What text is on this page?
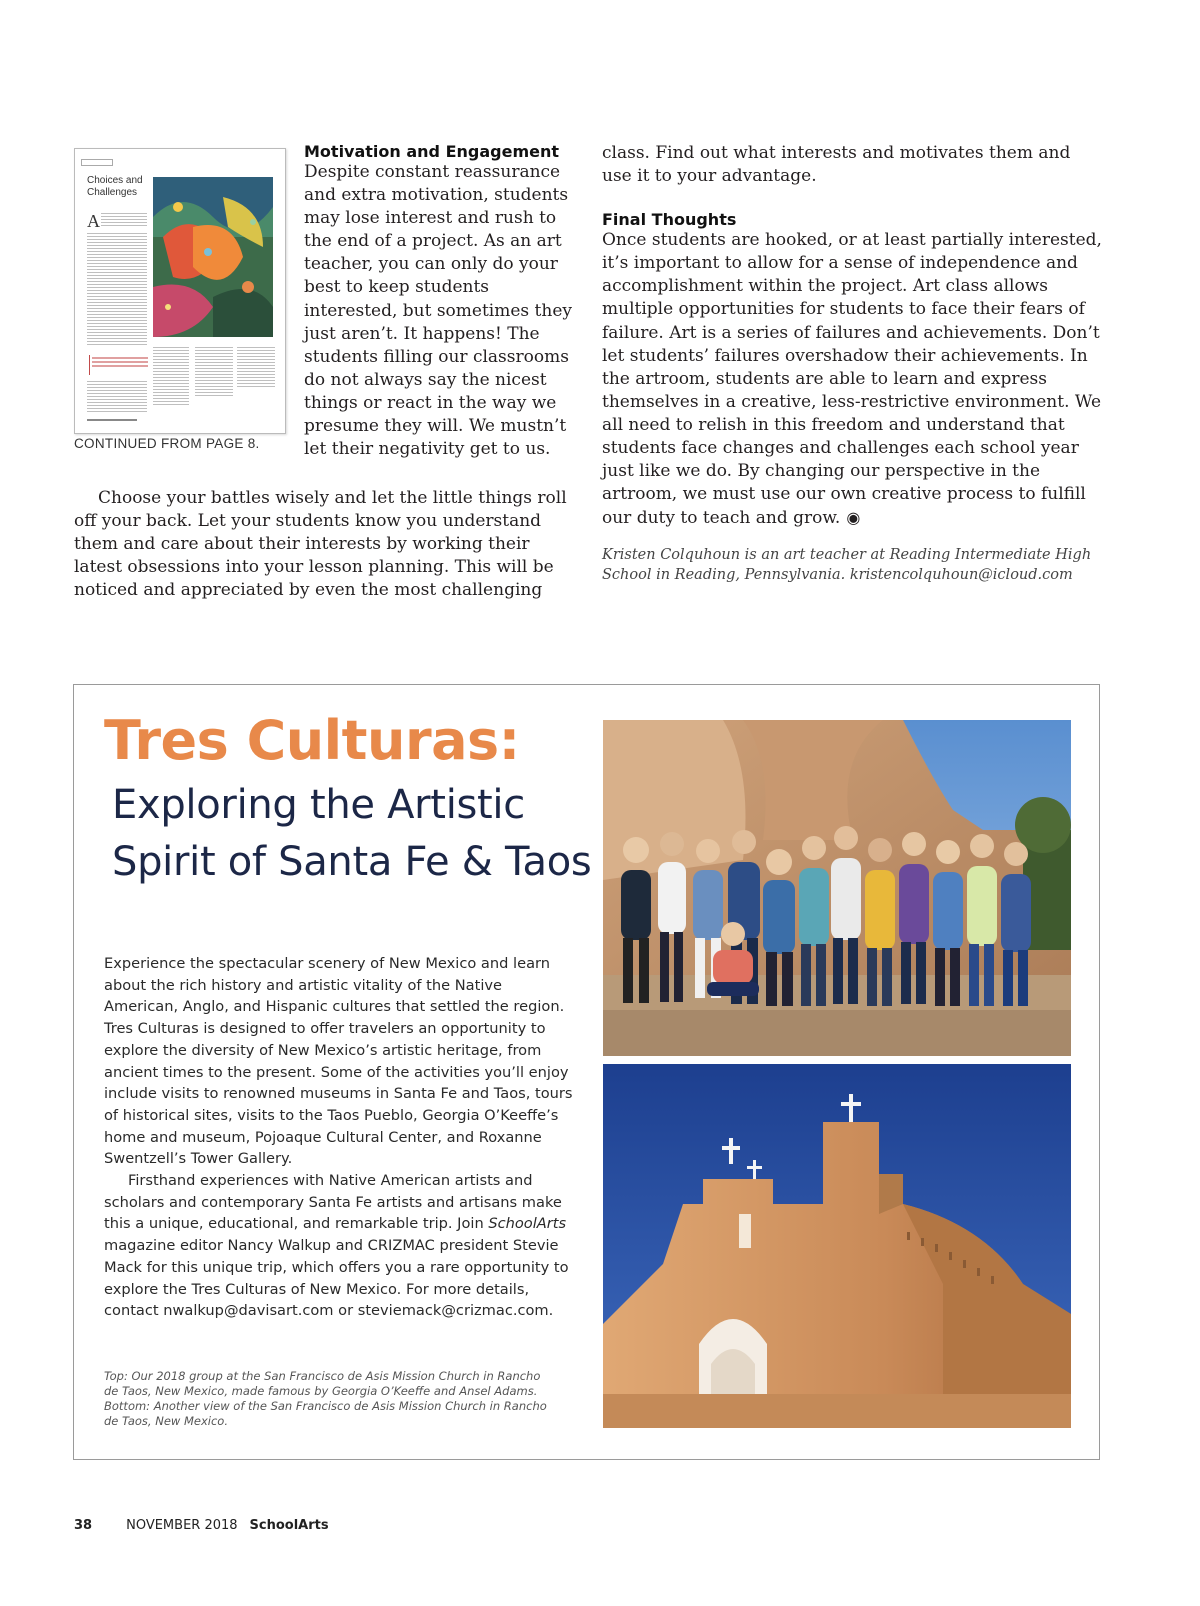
Choices and Challenges
A
CONTINUED FROM PAGE 8.
Motivation and Engagement

Despite constant reassurance and extra motivation, students may lose interest and rush to the end of a project. As an art teacher, you can only do your best to keep students interested, but sometimes they just aren’t. It happens! The students filling our classrooms do not always say the nicest things or react in the way we presume they will. We mustn’t let their negativity get to us.

Choose your battles wisely and let the little things roll off your back. Let your students know you understand them and care about their interests by working their latest obsessions into your lesson planning. This will be noticed and appreciated by even the most challenging

class. Find out what interests and motivates them and use it to your advantage.

Final Thoughts

Once students are hooked, or at least partially interested, it’s important to allow for a sense of independence and accomplishment within the project. Art class allows multiple opportunities for students to face their fears of failure. Art is a series of failures and achievements. Don’t let students’ failures overshadow their achievements. In the artroom, students are able to learn and express themselves in a creative, less-restrictive environment. We all need to relish in this freedom and understand that students face changes and challenges each school year just like we do. By changing our perspective in the artroom, we must use our own creative process to fulfill our duty to teach and grow. ◉

Kristen Colquhoun is an art teacher at Reading Intermediate High School in Reading, Pennsylvania. kristencolquhoun@icloud.com
Tres Culturas:
Exploring the Artistic
Spirit of Santa Fe & Taos

Experience the spectacular scenery of New Mexico and learn about the rich history and artistic vitality of the Native American, Anglo, and Hispanic cultures that settled the region. Tres Culturas is designed to offer travelers an opportunity to explore the diversity of New Mexico’s artistic heritage, from ancient times to the present. Some of the activities you’ll enjoy include visits to renowned museums in Santa Fe and Taos, tours of historical sites, visits to the Taos Pueblo, Georgia O’Keeffe’s home and museum, Pojoaque Cultural Center, and Roxanne Swentzell’s Tower Gallery.

Firsthand experiences with Native American artists and scholars and contemporary Santa Fe artists and artisans make this a unique, educational, and remarkable trip. Join SchoolArts magazine editor Nancy Walkup and CRIZMAC president Stevie Mack for this unique trip, which offers you a rare opportunity to explore the Tres Culturas of New Mexico. For more details, contact nwalkup@davisart.com or steviemack@crizmac.com.

Top: Our 2018 group at the San Francisco de Asis Mission Church in Rancho de Taos, New Mexico, made famous by Georgia O’Keeffe and Ansel Adams. Bottom: Another view of the San Francisco de Asis Mission Church in Rancho de Taos, New Mexico.
38	NOVEMBER 2018 SchoolArts
